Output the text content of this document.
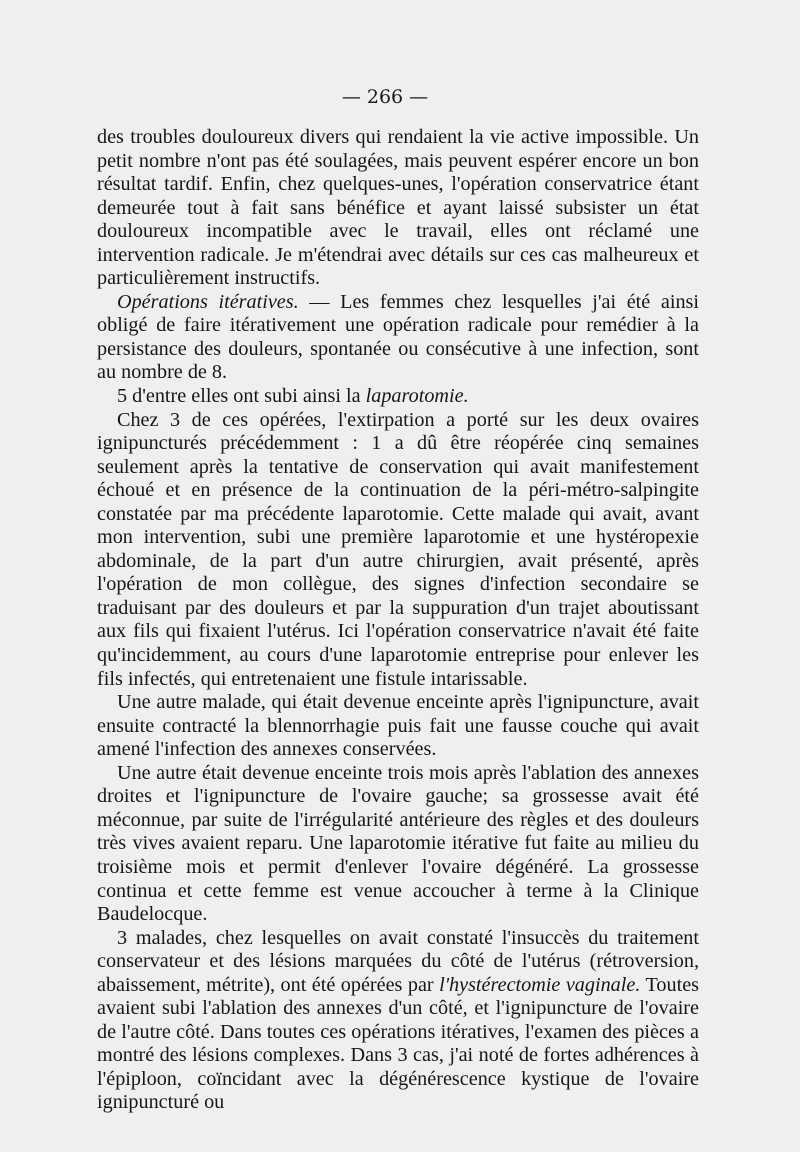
— 266 —

des troubles douloureux divers qui rendaient la vie active impossible. Un petit nombre n'ont pas été soulagées, mais peuvent espérer encore un bon résultat tardif. Enfin, chez quelques-unes, l'opération conservatrice étant demeurée tout à fait sans bénéfice et ayant laissé subsister un état douloureux incompatible avec le travail, elles ont réclamé une intervention radicale. Je m'étendrai avec détails sur ces cas malheureux et particulièrement instructifs.

Opérations itératives. — Les femmes chez lesquelles j'ai été ainsi obligé de faire itérativement une opération radicale pour remédier à la persistance des douleurs, spontanée ou consécutive à une infection, sont au nombre de 8.

5 d'entre elles ont subi ainsi la laparotomie.

Chez 3 de ces opérées, l'extirpation a porté sur les deux ovaires ignipuncturés précédemment : 1 a dû être réopérée cinq semaines seulement après la tentative de conservation qui avait manifestement échoué et en présence de la continuation de la péri-métro-salpingite constatée par ma précédente laparotomie. Cette malade qui avait, avant mon intervention, subi une première laparotomie et une hystéropexie abdominale, de la part d'un autre chirurgien, avait présenté, après l'opération de mon collègue, des signes d'infection secondaire se traduisant par des douleurs et par la suppuration d'un trajet aboutissant aux fils qui fixaient l'utérus. Ici l'opération conservatrice n'avait été faite qu'incidemment, au cours d'une laparotomie entreprise pour enlever les fils infectés, qui entretenaient une fistule intarissable.

Une autre malade, qui était devenue enceinte après l'ignipuncture, avait ensuite contracté la blennorrhagie puis fait une fausse couche qui avait amené l'infection des annexes conservées.

Une autre était devenue enceinte trois mois après l'ablation des annexes droites et l'ignipuncture de l'ovaire gauche; sa grossesse avait été méconnue, par suite de l'irrégularité antérieure des règles et des douleurs très vives avaient reparu. Une laparotomie itérative fut faite au milieu du troisième mois et permit d'enlever l'ovaire dégénéré. La grossesse continua et cette femme est venue accoucher à terme à la Clinique Baudelocque.

3 malades, chez lesquelles on avait constaté l'insuccès du traitement conservateur et des lésions marquées du côté de l'utérus (rétroversion, abaissement, métrite), ont été opérées par l'hystérectomie vaginale. Toutes avaient subi l'ablation des annexes d'un côté, et l'ignipuncture de l'ovaire de l'autre côté. Dans toutes ces opérations itératives, l'examen des pièces a montré des lésions complexes. Dans 3 cas, j'ai noté de fortes adhérences à l'épiploon, coïncidant avec la dégénérescence kystique de l'ovaire ignipuncturé ou
